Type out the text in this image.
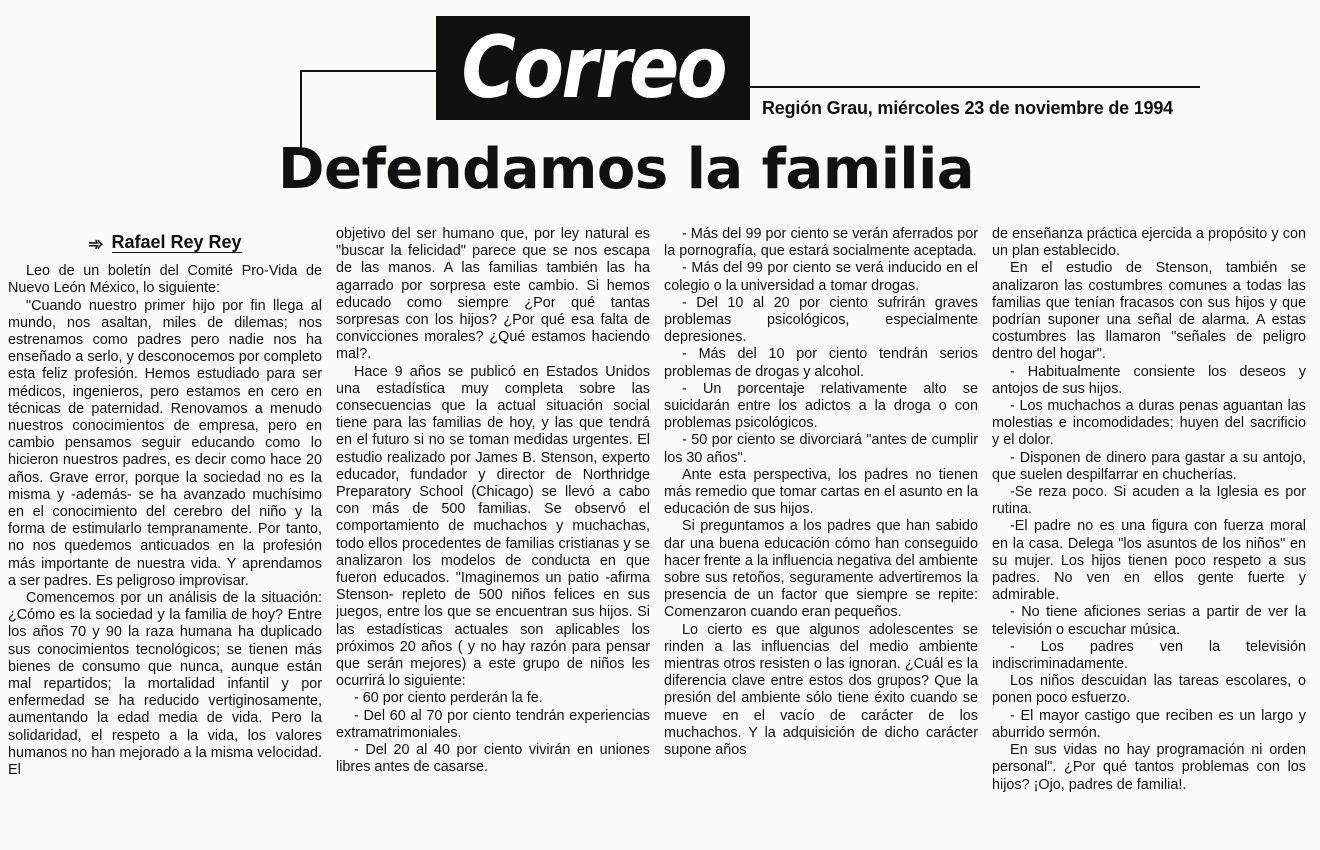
Correo Región Grau, miércoles 23 de noviembre de 1994
Defendamos la familia
➾ Rafael Rey Rey

Leo de un boletín del Comité Pro-Vida de Nuevo León México, lo siguiente:

"Cuando nuestro primer hijo por fin llega al mundo, nos asaltan, miles de dilemas; nos estrenamos como padres pero nadie nos ha enseñado a serlo, y desconocemos por completo esta feliz profesión. Hemos estudiado para ser médicos, ingenieros, pero estamos en cero en técnicas de paternidad. Renovamos a menudo nuestros conocimientos de empresa, pero en cambio pensamos seguir educando como lo hicieron nuestros padres, es decir como hace 20 años. Grave error, porque la sociedad no es la misma y -además- se ha avanzado muchísimo en el conocimiento del cerebro del niño y la forma de estimularlo tempranamente. Por tanto, no nos quedemos anticuados en la profesión más importante de nuestra vida. Y aprendamos a ser padres. Es peligroso improvisar.

Comencemos por un análisis de la situación: ¿Cómo es la sociedad y la familia de hoy? Entre los años 70 y 90 la raza humana ha duplicado sus conocimientos tecnológicos; se tienen más bienes de consumo que nunca, aunque están mal repartidos; la mortalidad infantil y por enfermedad se ha reducido vertiginosamente, aumentando la edad media de vida. Pero la solidaridad, el respeto a la vida, los valores humanos no han mejorado a la misma velocidad. El

objetivo del ser humano que, por ley natural es "buscar la felicidad" parece que se nos escapa de las manos. A las familias también las ha agarrado por sorpresa este cambio. Si hemos educado como siempre ¿Por qué tantas sorpresas con los hijos? ¿Por qué esa falta de convicciones morales? ¿Qué estamos haciendo mal?.

Hace 9 años se publicó en Estados Unidos una estadística muy completa sobre las consecuencias que la actual situación social tiene para las familias de hoy, y las que tendrá en el futuro si no se toman medidas urgentes. El estudio realizado por James B. Stenson, experto educador, fundador y director de Northridge Preparatory School (Chicago) se llevó a cabo con más de 500 familias. Se observó el comportamiento de muchachos y muchachas, todo ellos procedentes de familias cristianas y se analizaron los modelos de conducta en que fueron educados. "Imaginemos un patio -afirma Stenson- repleto de 500 niños felices en sus juegos, entre los que se encuentran sus hijos. Si las estadísticas actuales son aplicables los próximos 20 años ( y no hay razón para pensar que serán mejores) a este grupo de niños les ocurrirá lo siguiente:

- 60 por ciento perderán la fe.

- Del 60 al 70 por ciento tendrán experiencias extramatrimoniales.

- Del 20 al 40 por ciento vivirán en uniones libres antes de casarse.

- Más del 99 por ciento se verán aferrados por la pornografía, que estará socialmente aceptada.

- Más del 99 por ciento se verá inducido en el colegio o la universidad a tomar drogas.

- Del 10 al 20 por ciento sufrirán graves problemas psicológicos, especialmente depresiones.

- Más del 10 por ciento tendrán serios problemas de drogas y alcohol.

- Un porcentaje relativamente alto se suicidarán entre los adictos a la droga o con problemas psicológicos.

- 50 por ciento se divorciará "antes de cumplir los 30 años".

Ante esta perspectiva, los padres no tienen más remedio que tomar cartas en el asunto en la educación de sus hijos.

Si preguntamos a los padres que han sabido dar una buena educación cómo han conseguido hacer frente a la influencia negativa del ambiente sobre sus retoños, seguramente advertiremos la presencia de un factor que siempre se repite: Comenzaron cuando eran pequeños.

Lo cierto es que algunos adolescentes se rinden a las influencias del medio ambiente mientras otros resisten o las ignoran. ¿Cuál es la diferencia clave entre estos dos grupos? Que la presión del ambiente sólo tiene éxito cuando se mueve en el vacío de carácter de los muchachos. Y la adquisición de dicho carácter supone años

de enseñanza práctica ejercida a propósito y con un plan establecido.

En el estudio de Stenson, también se analizaron las costumbres comunes a todas las familias que tenían fracasos con sus hijos y que podrían suponer una señal de alarma. A estas costumbres las llamaron "señales de peligro dentro del hogar".

- Habitualmente consiente los deseos y antojos de sus hijos.

- Los muchachos a duras penas aguantan las molestias e incomodidades; huyen del sacrificio y el dolor.

- Disponen de dinero para gastar a su antojo, que suelen despilfarrar en chucherías.

-Se reza poco. Si acuden a la Iglesia es por rutina.

-El padre no es una figura con fuerza moral en la casa. Delega "los asuntos de los niños" en su mujer. Los hijos tienen poco respeto a sus padres. No ven en ellos gente fuerte y admirable.

- No tiene aficiones serias a partir de ver la televisión o escuchar música.

- Los padres ven la televisión indiscriminadamente.

Los niños descuidan las tareas escolares, o ponen poco esfuerzo.

- El mayor castigo que reciben es un largo y aburrido sermón.

En sus vidas no hay programación ni orden personal". ¿Por qué tantos problemas con los hijos? ¡Ojo, padres de familia!.
